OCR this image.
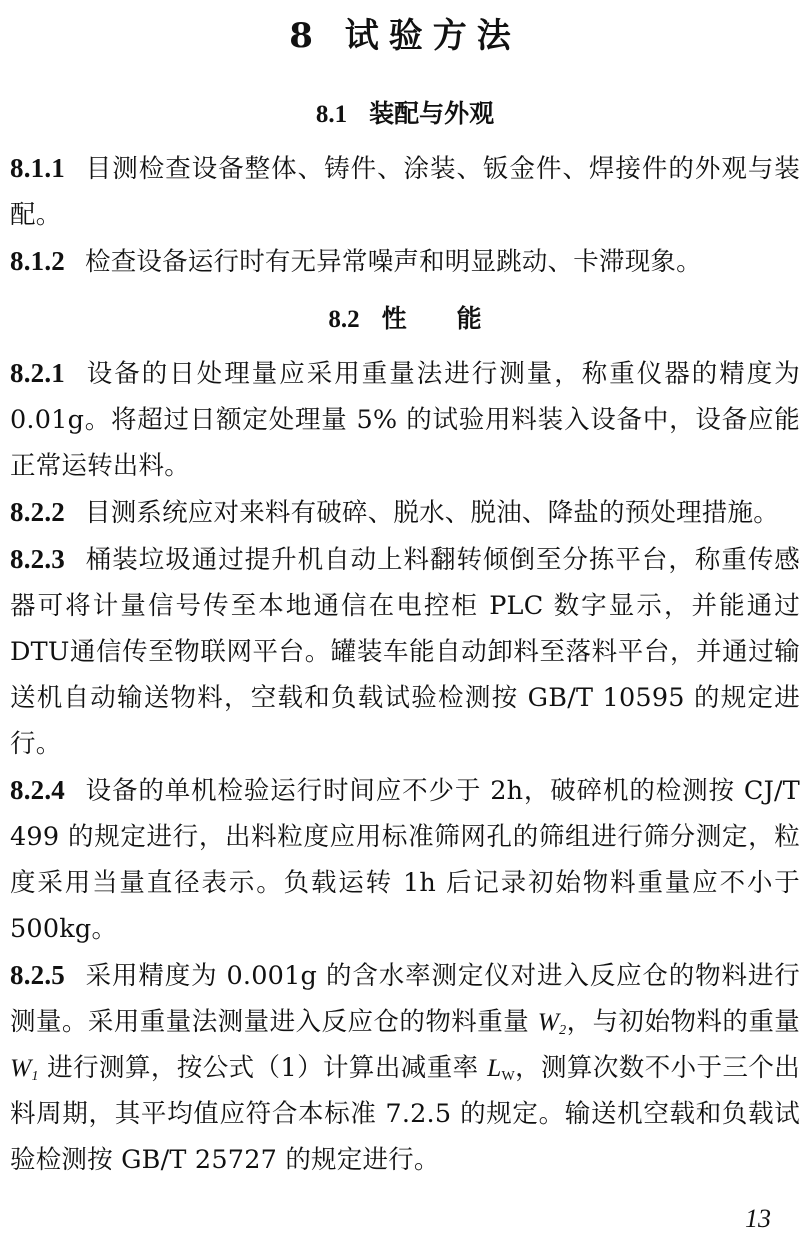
8 试验方法
8.1 装配与外观

8.1.1 目测检查设备整体、铸件、涂装、钣金件、焊接件的外观与装配。

8.1.2 检查设备运行时有无异常噪声和明显跳动、卡滞现象。

8.2 性　　能

8.2.1 设备的日处理量应采用重量法进行测量，称重仪器的精度为 0.01g。将超过日额定处理量 5% 的试验用料装入设备中，设备应能正常运转出料。

8.2.2 目测系统应对来料有破碎、脱水、脱油、降盐的预处理措施。

8.2.3 桶装垃圾通过提升机自动上料翻转倾倒至分拣平台，称重传感器可将计量信号传至本地通信在电控柜 PLC 数字显示，并能通过 DTU通信传至物联网平台。罐装车能自动卸料至落料平台，并通过输送机自动输送物料，空载和负载试验检测按 GB/T 10595 的规定进行。

8.2.4 设备的单机检验运行时间应不少于 2h，破碎机的检测按 CJ/T 499 的规定进行，出料粒度应用标准筛网孔的筛组进行筛分测定，粒度采用当量直径表示。负载运转 1h 后记录初始物料重量应不小于 500kg。

8.2.5 采用精度为 0.001g 的含水率测定仪对进入反应仓的物料进行测量。采用重量法测量进入反应仓的物料重量 $W_2$，与初始物料的重量 $W_1$ 进行测算，按公式（1）计算出减重率 $L_W$，测算次数不小于三个出料周期，其平均值应符合本标准 7.2.5 的规定。输送机空载和负载试验检测按 GB/T 25727 的规定进行。

13
